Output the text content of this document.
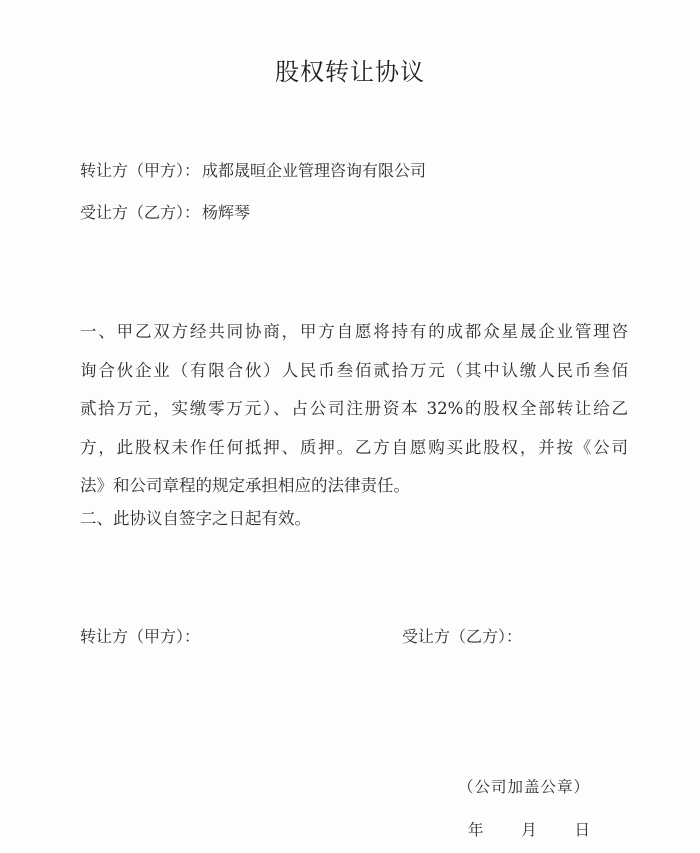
股权转让协议
转让方（甲方）： 成都晟晅企业管理咨询有限公司
受让方（乙方）： 杨辉琴
一、甲乙双方经共同协商，甲方自愿将持有的成都众星晟企业管理咨
询合伙企业（有限合伙）人民币叁佰贰拾万元（其中认缴人民币叁佰
贰拾万元，实缴零万元）、占公司注册资本 32%的股权全部转让给乙
方，此股权未作任何抵押、质押。乙方自愿购买此股权，并按《公司
法》和公司章程的规定承担相应的法律责任。
二、此协议自签字之日起有效。
转让方（甲方）：	受让方（乙方）：
（公司加盖公章）
年 月 日
